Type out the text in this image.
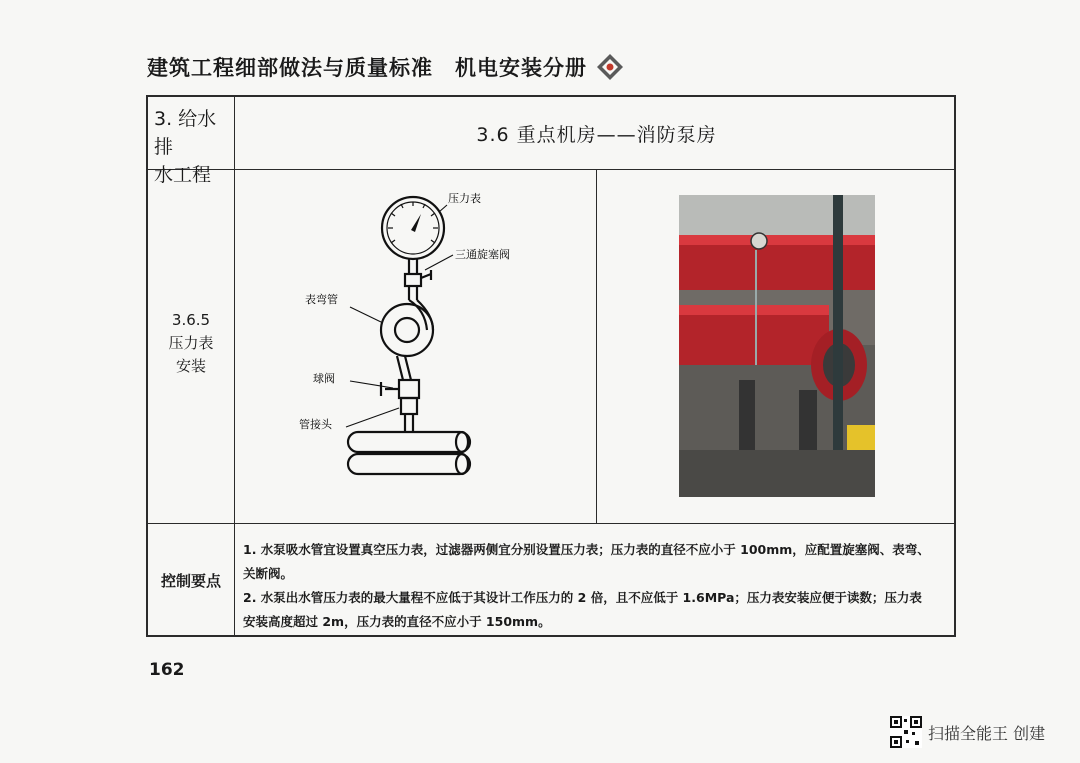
建筑工程细部做法与质量标准 机电安装分册
3. 给水排
水工程
3.6 重点机房——消防泵房
3.6.5
压力表
安装
压力表
三通旋塞阀
表弯管
球阀
管接头
控制要点
1. 水泵吸水管宜设置真空压力表，过滤器两侧宜分别设置压力表；压力表的直径不应小于 100mm，应配置旋塞阀、表弯、
关断阀。
2. 水泵出水管压力表的最大量程不应低于其设计工作压力的 2 倍，且不应低于 1.6MPa；压力表安装应便于读数；压力表
安装高度超过 2m，压力表的直径不应小于 150mm。
162
扫描全能王 创建
